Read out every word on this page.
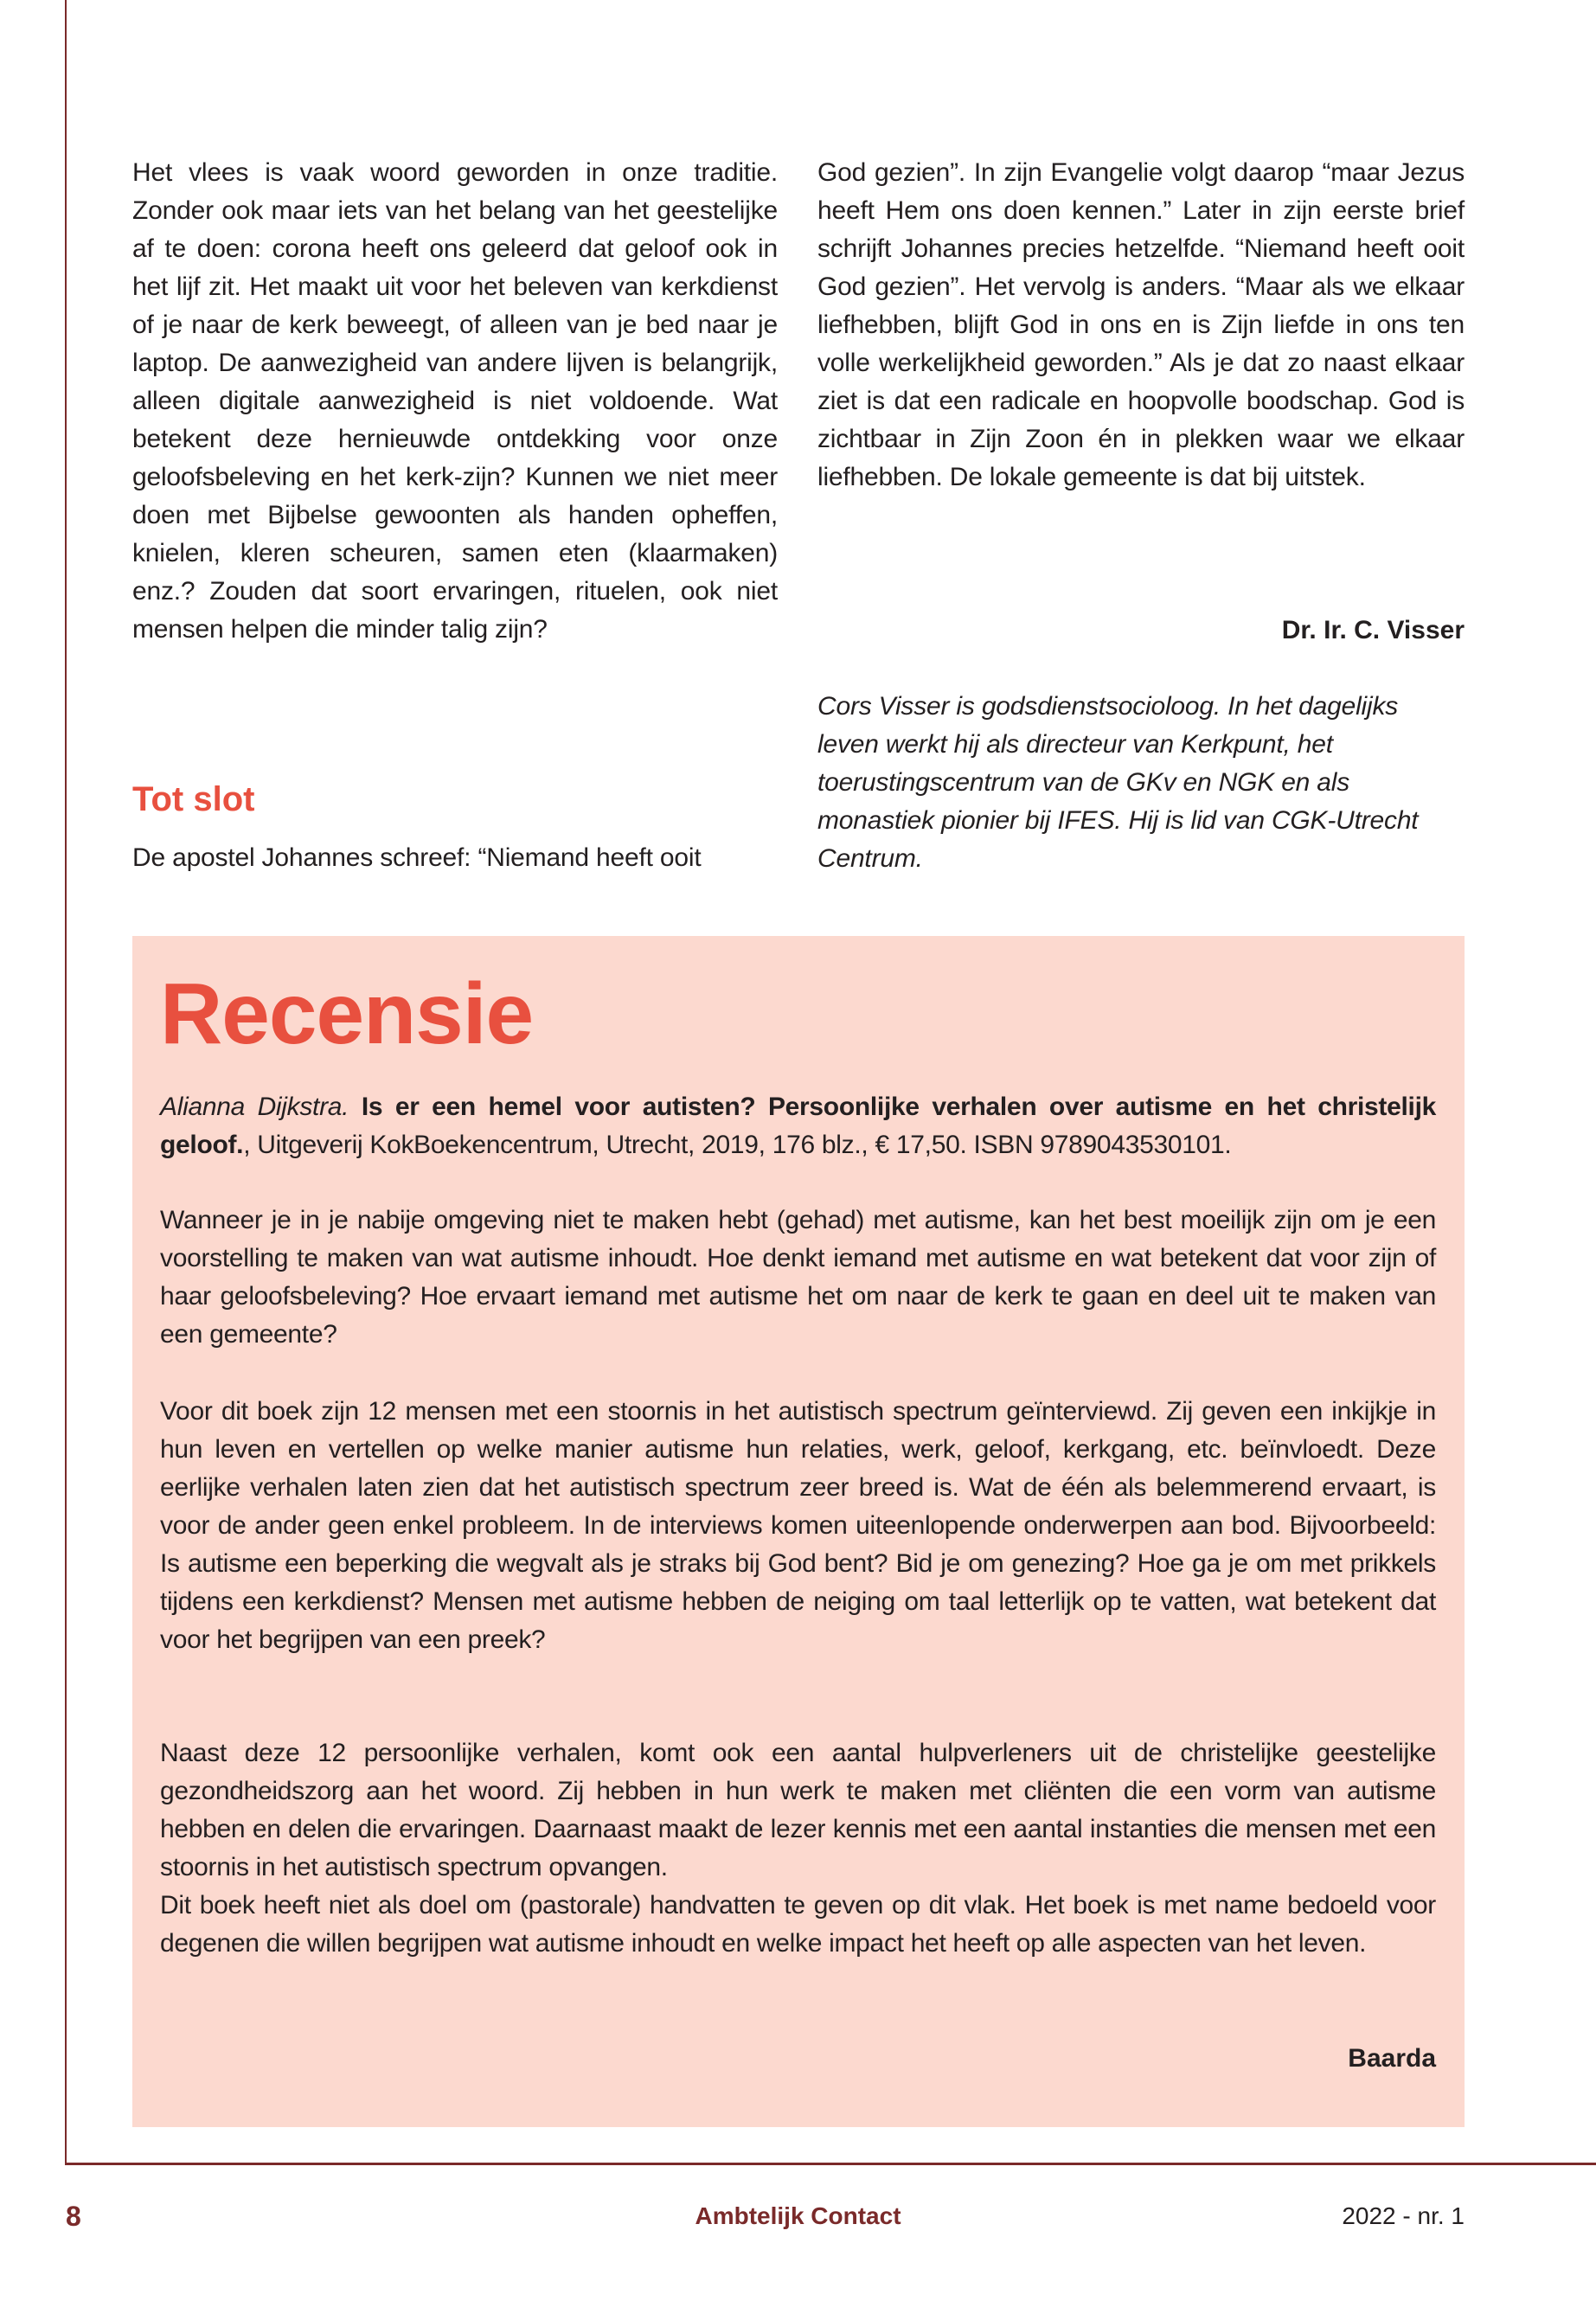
Het vlees is vaak woord geworden in onze traditie. Zonder ook maar iets van het belang van het geestelijke af te doen: corona heeft ons geleerd dat geloof ook in het lijf zit. Het maakt uit voor het beleven van kerkdienst of je naar de kerk beweegt, of alleen van je bed naar je laptop. De aanwezigheid van andere lijven is belangrijk, alleen digitale aanwezigheid is niet voldoende. Wat betekent deze hernieuwde ontdekking voor onze geloofsbeleving en het kerk-zijn? Kunnen we niet meer doen met Bijbelse gewoonten als handen opheffen, knielen, kleren scheuren, samen eten (klaarmaken) enz.? Zouden dat soort ervaringen, rituelen, ook niet mensen helpen die minder talig zijn?

Tot slot

De apostel Johannes schreef: “Niemand heeft ooit

God gezien”. In zijn Evangelie volgt daarop “maar Jezus heeft Hem ons doen kennen.” Later in zijn eerste brief schrijft Johannes precies hetzelfde. “Niemand heeft ooit God gezien”. Het vervolg is anders. “Maar als we elkaar liefhebben, blijft God in ons en is Zijn liefde in ons ten volle werkelijkheid geworden.” Als je dat zo naast elkaar ziet is dat een radicale en hoopvolle boodschap. God is zichtbaar in Zijn Zoon én in plekken waar we elkaar liefhebben. De lokale gemeente is dat bij uitstek.

Dr. Ir. C. Visser
Cors Visser is godsdienstsocioloog. In het dagelijks leven werkt hij als directeur van Kerkpunt, het toerustingscentrum van de GKv en NGK en als monastiek pionier bij IFES. Hij is lid van CGK-Utrecht Centrum.
Recensie

Alianna Dijkstra. Is er een hemel voor autisten? Persoonlijke verhalen over autisme en het christelijk geloof., Uitgeverij KokBoekencentrum, Utrecht, 2019, 176 blz., € 17,50. ISBN 9789043530101.

Wanneer je in je nabije omgeving niet te maken hebt (gehad) met autisme, kan het best moeilijk zijn om je een voorstelling te maken van wat autisme inhoudt. Hoe denkt iemand met autisme en wat betekent dat voor zijn of haar geloofsbeleving? Hoe ervaart iemand met autisme het om naar de kerk te gaan en deel uit te maken van een gemeente?

Voor dit boek zijn 12 mensen met een stoornis in het autistisch spectrum geïnterviewd. Zij geven een inkijkje in hun leven en vertellen op welke manier autisme hun relaties, werk, geloof, kerkgang, etc. beïnvloedt. Deze eerlijke verhalen laten zien dat het autistisch spectrum zeer breed is. Wat de één als belemmerend ervaart, is voor de ander geen enkel probleem. In de interviews komen uiteenlopende onderwerpen aan bod. Bijvoorbeeld: Is autisme een beperking die wegvalt als je straks bij God bent? Bid je om genezing? Hoe ga je om met prikkels tijdens een kerkdienst? Mensen met autisme hebben de neiging om taal letterlijk op te vatten, wat betekent dat voor het begrijpen van een preek?

Naast deze 12 persoonlijke verhalen, komt ook een aantal hulpverleners uit de christelijke geestelijke gezondheidszorg aan het woord. Zij hebben in hun werk te maken met cliënten die een vorm van autisme hebben en delen die ervaringen. Daarnaast maakt de lezer kennis met een aantal instanties die mensen met een stoornis in het autistisch spectrum opvangen.

Dit boek heeft niet als doel om (pastorale) handvatten te geven op dit vlak. Het boek is met name bedoeld voor degenen die willen begrijpen wat autisme inhoudt en welke impact het heeft op alle aspecten van het leven.

Baarda
8	Ambtelijk Contact	2022 - nr. 1
